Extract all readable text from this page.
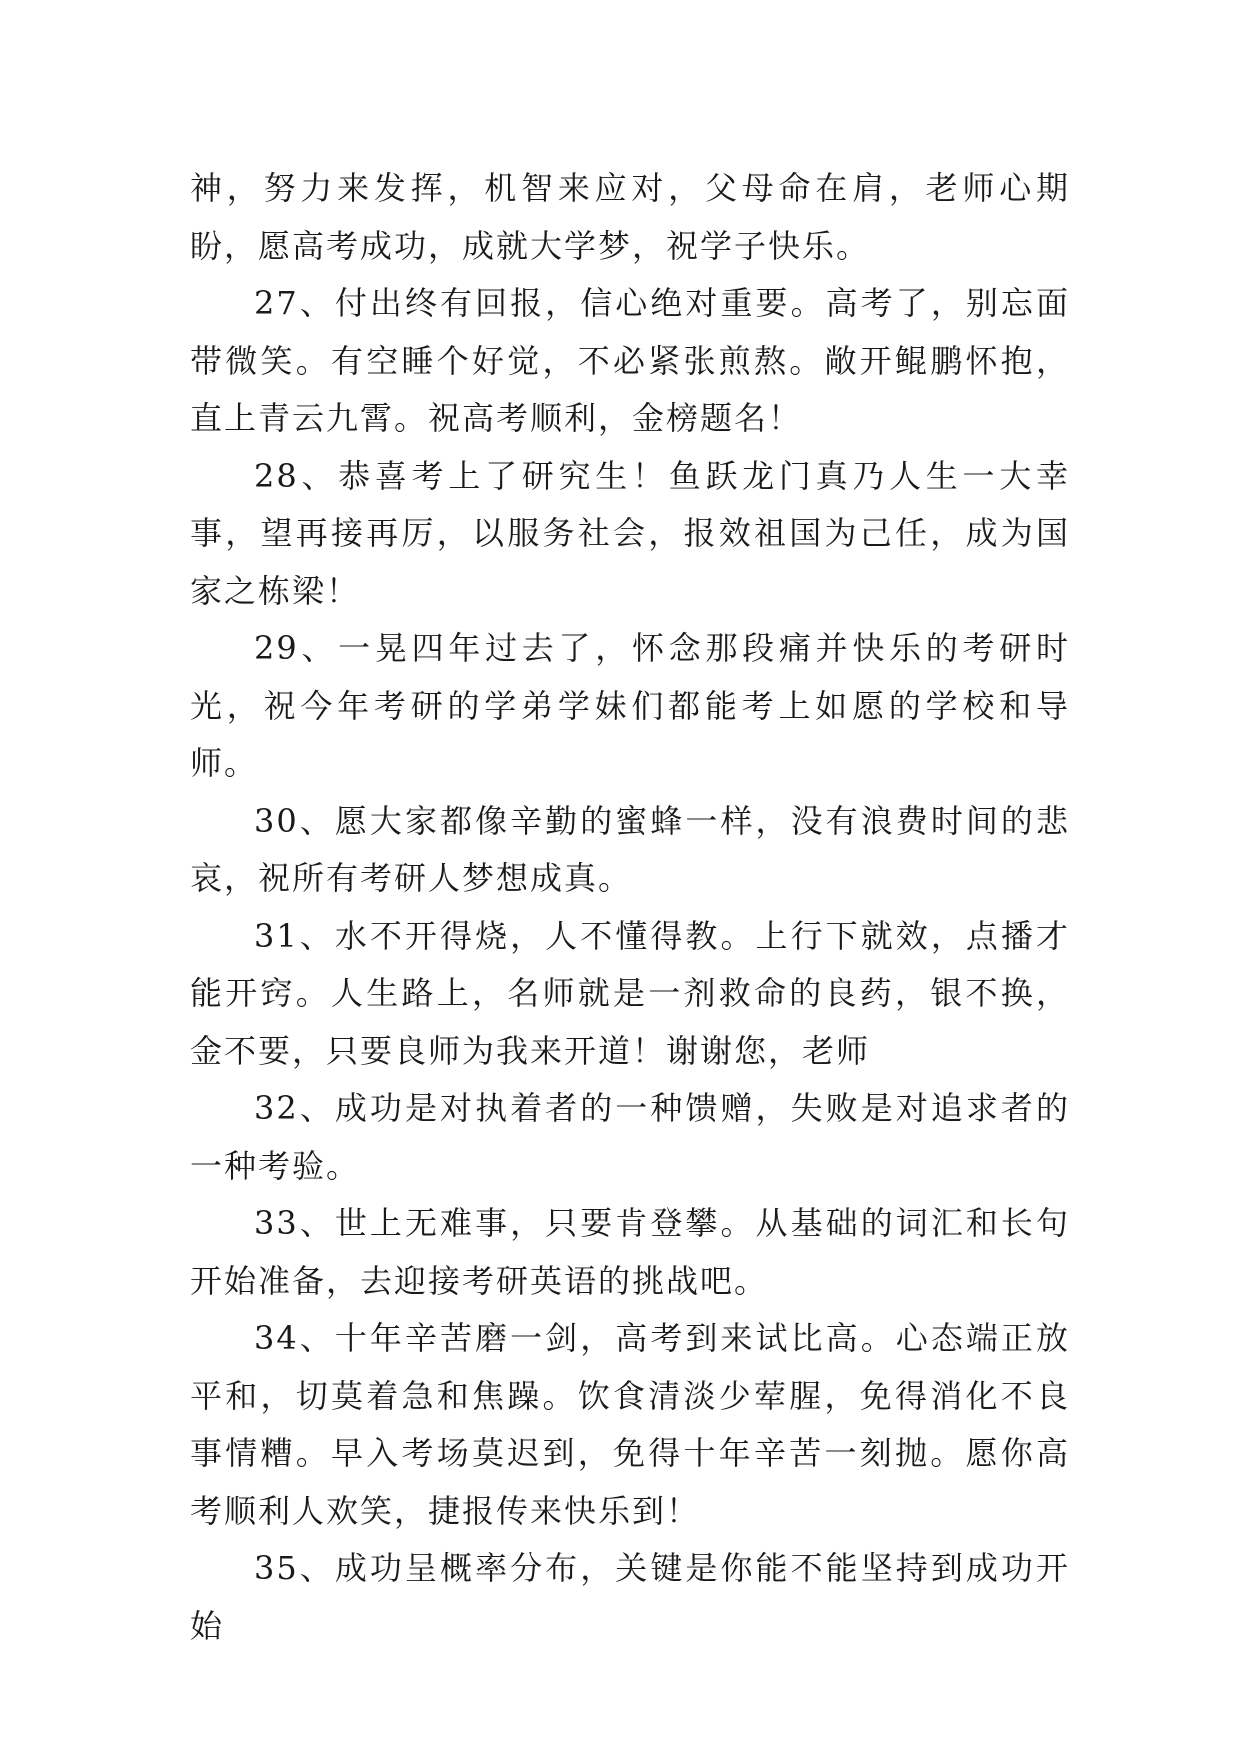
神，努力来发挥，机智来应对，父母命在肩，老师心期盼，愿高考成功，成就大学梦，祝学子快乐。

27、付出终有回报，信心绝对重要。高考了，别忘面带微笑。有空睡个好觉，不必紧张煎熬。敞开鲲鹏怀抱，直上青云九霄。祝高考顺利，金榜题名！

28、恭喜考上了研究生！鱼跃龙门真乃人生一大幸事，望再接再厉，以服务社会，报效祖国为己任，成为国家之栋梁！

29、一晃四年过去了，怀念那段痛并快乐的考研时光，祝今年考研的学弟学妹们都能考上如愿的学校和导师。

30、愿大家都像辛勤的蜜蜂一样，没有浪费时间的悲哀，祝所有考研人梦想成真。

31、水不开得烧，人不懂得教。上行下就效，点播才能开窍。人生路上，名师就是一剂救命的良药，银不换，金不要，只要良师为我来开道！谢谢您，老师

32、成功是对执着者的一种馈赠，失败是对追求者的一种考验。

33、世上无难事，只要肯登攀。从基础的词汇和长句开始准备，去迎接考研英语的挑战吧。

34、十年辛苦磨一剑，高考到来试比高。心态端正放平和，切莫着急和焦躁。饮食清淡少荤腥，免得消化不良事情糟。早入考场莫迟到，免得十年辛苦一刻抛。愿你高考顺利人欢笑，捷报传来快乐到！

35、成功呈概率分布，关键是你能不能坚持到成功开始
